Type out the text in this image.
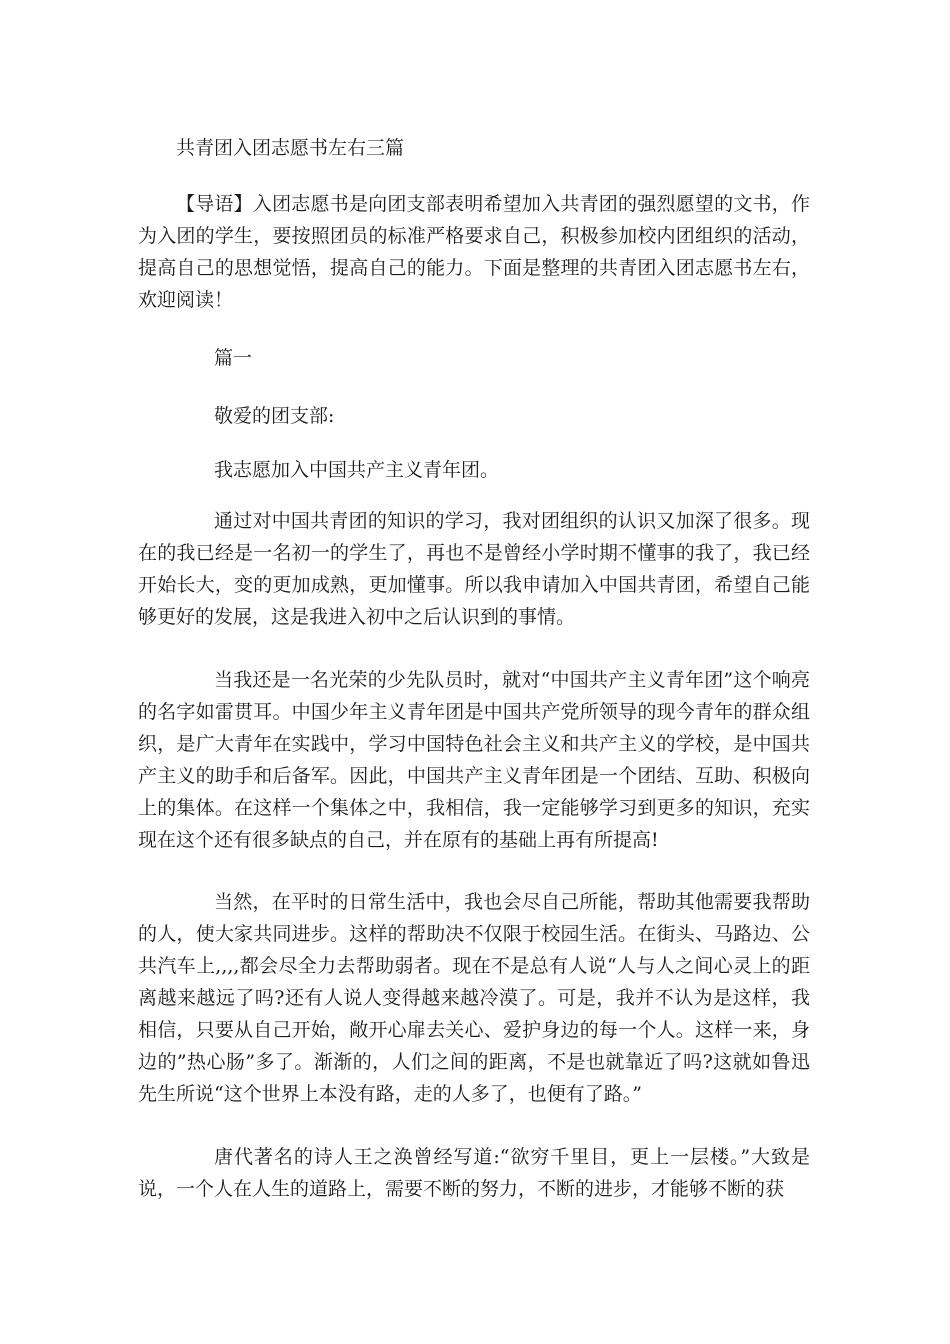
共青团入团志愿书左右三篇
【导语】入团志愿书是向团支部表明希望加入共青团的强烈愿望的文书，作为入团的学生，要按照团员的标准严格要求自己，积极参加校内团组织的活动，提高自己的思想觉悟，提高自己的能力。下面是整理的共青团入团志愿书左右，欢迎阅读！
篇一
敬爱的团支部:
我志愿加入中国共产主义青年团。
通过对中国共青团的知识的学习，我对团组织的认识又加深了很多。现在的我已经是一名初一的学生了，再也不是曾经小学时期不懂事的我了，我已经开始长大，变的更加成熟，更加懂事。所以我申请加入中国共青团，希望自己能够更好的发展，这是我进入初中之后认识到的事情。
当我还是一名光荣的少先队员时，就对“中国共产主义青年团”这个响亮的名字如雷贯耳。中国少年主义青年团是中国共产党所领导的现今青年的群众组织，是广大青年在实践中，学习中国特色社会主义和共产主义的学校，是中国共产主义的助手和后备军。因此，中国共产主义青年团是一个团结、互助、积极向上的集体。在这样一个集体之中，我相信，我一定能够学习到更多的知识，充实现在这个还有很多缺点的自己，并在原有的基础上再有所提高!
当然，在平时的日常生活中，我也会尽自己所能，帮助其他需要我帮助的人，使大家共同进步。这样的帮助决不仅限于校园生活。在街头、马路边、公共汽车上,,,,都会尽全力去帮助弱者。现在不是总有人说“人与人之间心灵上的距离越来越远了吗?还有人说人变得越来越冷漠了。可是，我并不认为是这样，我相信，只要从自己开始，敞开心扉去关心、爱护身边的每一个人。这样一来，身边的”热心肠”多了。渐渐的，人们之间的距离，不是也就靠近了吗?这就如鲁迅先生所说“这个世界上本没有路，走的人多了，也便有了路。”
唐代著名的诗人王之涣曾经写道:“欲穷千里目，更上一层楼。”大致是说，一个人在人生的道路上，需要不断的努力，不断的进步，才能够不断的获
